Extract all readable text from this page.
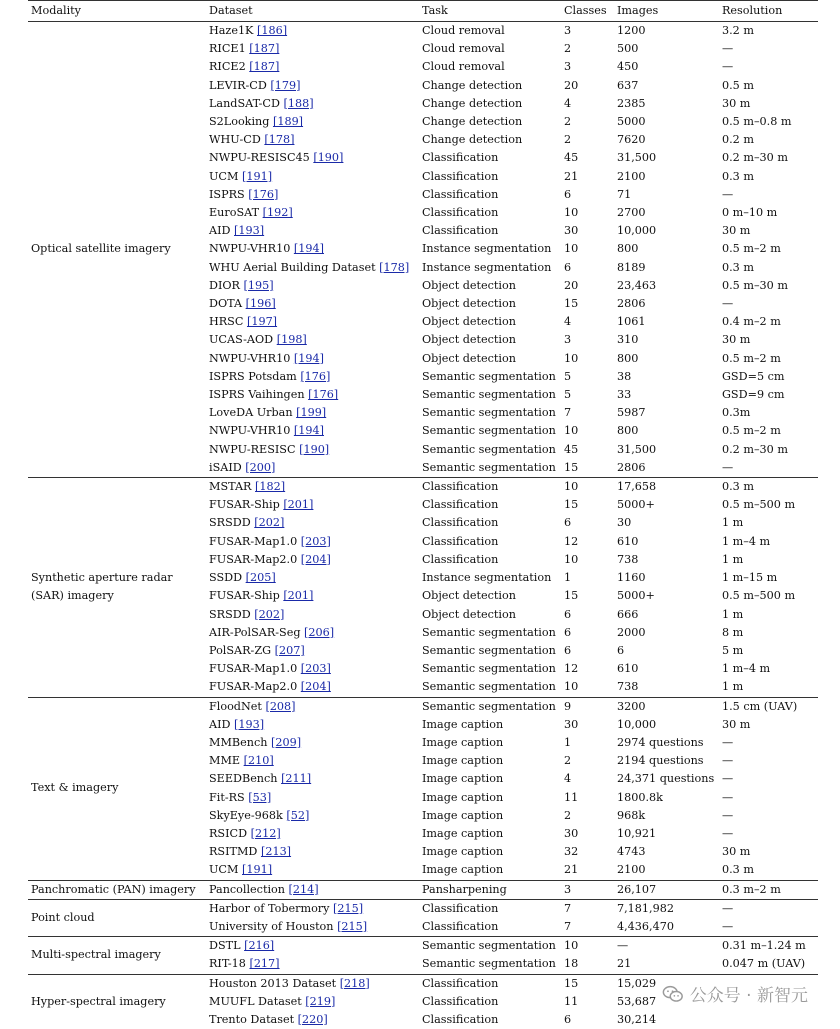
Modality	Dataset	Task	Classes	Images	Resolution
Optical satellite imagery	Haze1K [186]	Cloud removal	3	1200	3.2 m
	RICE1 [187]	Cloud removal	2	500	—
	RICE2 [187]	Cloud removal	3	450	—
	LEVIR-CD [179]	Change detection	20	637	0.5 m
	LandSAT-CD [188]	Change detection	4	2385	30 m
	S2Looking [189]	Change detection	2	5000	0.5 m–0.8 m
	WHU-CD [178]	Change detection	2	7620	0.2 m
	NWPU-RESISC45 [190]	Classification	45	31,500	0.2 m–30 m
	UCM [191]	Classification	21	2100	0.3 m
	ISPRS [176]	Classification	6	71	—
	EuroSAT [192]	Classification	10	2700	0 m–10 m
	AID [193]	Classification	30	10,000	30 m
	NWPU-VHR10 [194]	Instance segmentation	10	800	0.5 m–2 m
	WHU Aerial Building Dataset [178]	Instance segmentation	6	8189	0.3 m
	DIOR [195]	Object detection	20	23,463	0.5 m–30 m
	DOTA [196]	Object detection	15	2806	—
	HRSC [197]	Object detection	4	1061	0.4 m–2 m
	UCAS-AOD [198]	Object detection	3	310	30 m
	NWPU-VHR10 [194]	Object detection	10	800	0.5 m–2 m
	ISPRS Potsdam [176]	Semantic segmentation	5	38	GSD=5 cm
	ISPRS Vaihingen [176]	Semantic segmentation	5	33	GSD=9 cm
	LoveDA Urban [199]	Semantic segmentation	7	5987	0.3m
	NWPU-VHR10 [194]	Semantic segmentation	10	800	0.5 m–2 m
	NWPU-RESISC [190]	Semantic segmentation	45	31,500	0.2 m–30 m
	iSAID [200]	Semantic segmentation	15	2806	—
Synthetic aperture radar (SAR) imagery	MSTAR [182]	Classification	10	17,658	0.3 m
	FUSAR-Ship [201]	Classification	15	5000+	0.5 m–500 m
	SRSDD [202]	Classification	6	30	1 m
	FUSAR-Map1.0 [203]	Classification	12	610	1 m–4 m
	FUSAR-Map2.0 [204]	Classification	10	738	1 m
	SSDD [205]	Instance segmentation	1	1160	1 m–15 m
	FUSAR-Ship [201]	Object detection	15	5000+	0.5 m–500 m
	SRSDD [202]	Object detection	6	666	1 m
	AIR-PolSAR-Seg [206]	Semantic segmentation	6	2000	8 m
	PolSAR-ZG [207]	Semantic segmentation	6	6	5 m
	FUSAR-Map1.0 [203]	Semantic segmentation	12	610	1 m–4 m
	FUSAR-Map2.0 [204]	Semantic segmentation	10	738	1 m
Text & imagery	FloodNet [208]	Semantic segmentation	9	3200	1.5 cm (UAV)
	AID [193]	Image caption	30	10,000	30 m
	MMBench [209]	Image caption	1	2974 questions	—
	MME [210]	Image caption	2	2194 questions	—
	SEEDBench [211]	Image caption	4	24,371 questions	—
	Fit-RS [53]	Image caption	11	1800.8k	—
	SkyEye-968k [52]	Image caption	2	968k	—
	RSICD [212]	Image caption	30	10,921	—
	RSITMD [213]	Image caption	32	4743	30 m
	UCM [191]	Image caption	21	2100	0.3 m
Panchromatic (PAN) imagery	Pancollection [214]	Pansharpening	3	26,107	0.3 m–2 m
Point cloud	Harbor of Tobermory [215]	Classification	7	7,181,982	—
	University of Houston [215]	Classification	7	4,436,470	—
Multi-spectral imagery	DSTL [216]	Semantic segmentation	10	—	0.31 m–1.24 m
	RIT-18 [217]	Semantic segmentation	18	21	0.047 m (UAV)
Hyper-spectral imagery	Houston 2013 Dataset [218]	Classification	15	15,029	
	MUUFL Dataset [219]	Classification	11	53,687	
	Trento Dataset [220]	Classification	6	30,214	
公众号 · 新智元
